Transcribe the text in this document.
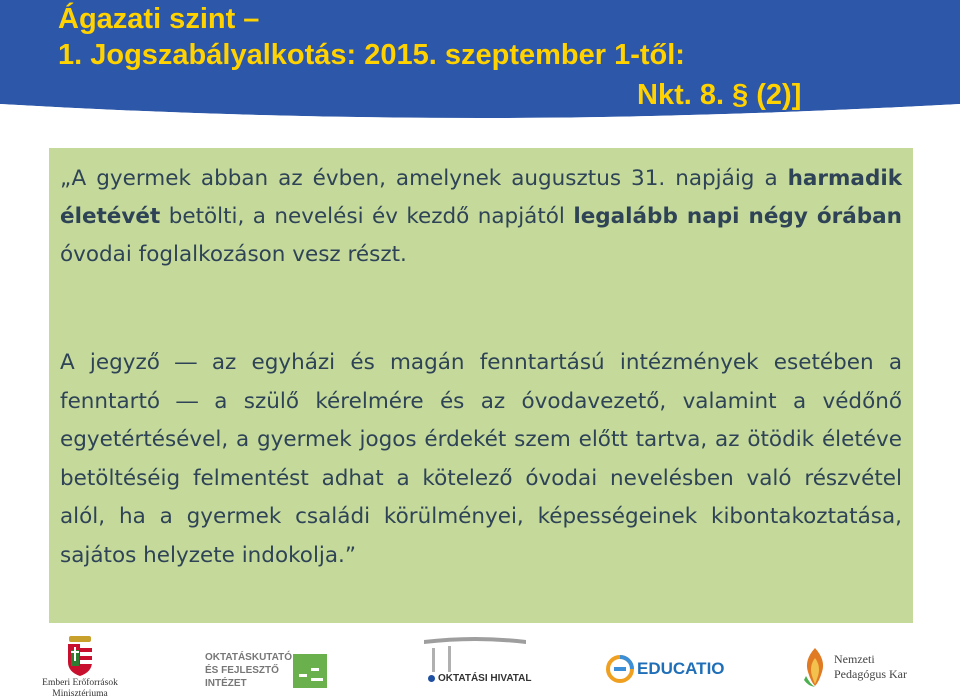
Ágazati szint –
1. Jogszabályalkotás: 2015. szeptember 1-től:
Nkt. 8. § (2)]

„A gyermek abban az évben, amelynek augusztus 31. napjáig a harmadik életévét betölti, a nevelési év kezdő napjától legalább napi négy órában óvodai foglalkozáson vesz részt.

A jegyző ― az egyházi és magán fenntartású intézmények esetében a fenntartó ― a szülő kérelmére és az óvodavezető, valamint a védőnő egyetértésével, a gyermek jogos érdekét szem előtt tartva, az ötödik életéve betöltéséig felmentést adhat a kötelező óvodai nevelésben való részvétel alól, ha a gyermek családi körülményei, képességeinek kibontakoztatása, sajátos helyzete indokolja.”

Emberi Erőforrások
Minisztériuma
OKTATÁSKUTATÓ
ÉS FEJLESZTŐ
INTÉZET	OKTATÁSI HIVATAL
EDUCATIO	Nemzeti
Pedagógus Kar
